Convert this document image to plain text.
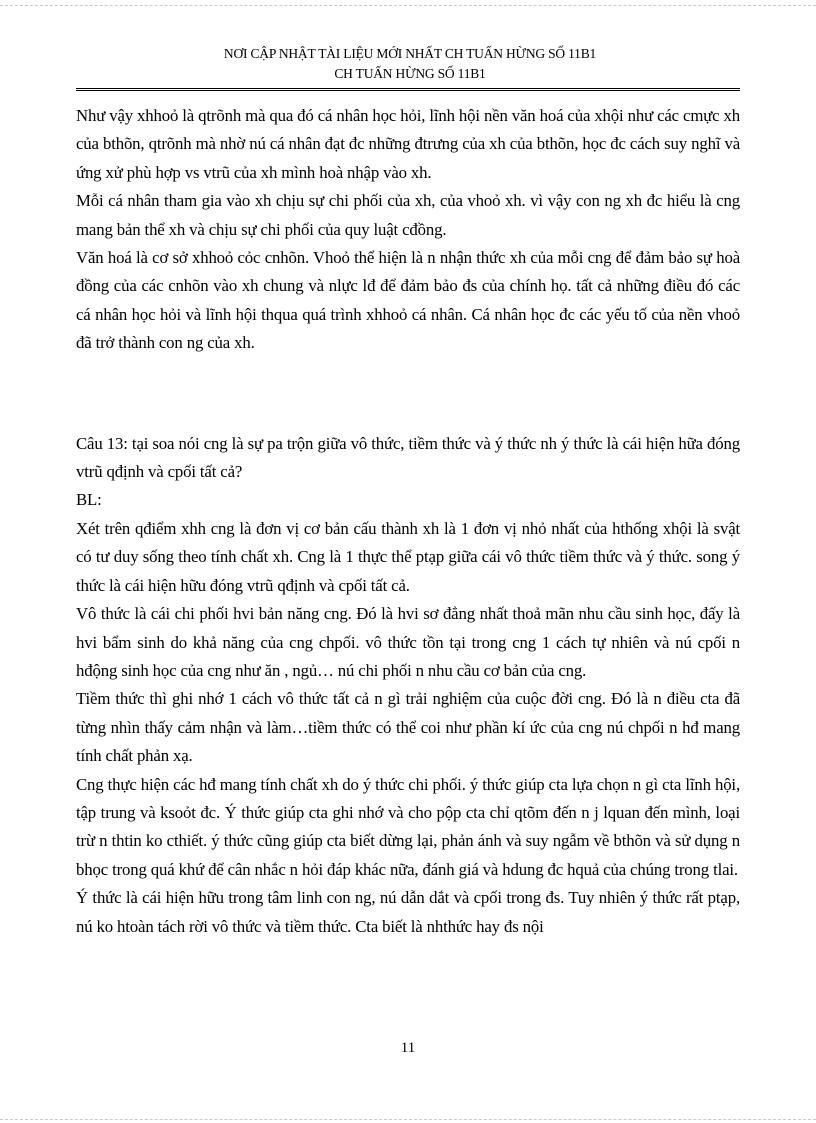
NƠI CẬP NHẬT TÀI LIỆU MỚI NHẤT CH TUẤN HỪNG SỐ 11B1
CH TUẤN HỪNG SỐ 11B1

Như vậy xhhoỏ là qtrõnh mà qua đó cá nhân học hỏi, lĩnh hội nền văn hoá của xhội như các cmực xh của bthõn, qtrõnh mà nhờ nú cá nhân đạt đc những đtrưng của xh của bthõn, học đc cách suy nghĩ và ứng xử phù hợp vs vtrũ của xh mình hoà nhập vào xh.

Mỗi cá nhân tham gia vào xh chịu sự chi phối của xh, của vhoỏ xh. vì vậy con ng xh đc hiểu là cng mang bản thể xh và chịu sự chi phối của quy luật cđồng.

Văn hoá là cơ sở xhhoỏ cỏc cnhõn. Vhoỏ thể hiện là n nhận thức xh của mỗi cng để đảm bảo sự hoà đồng của các cnhõn vào xh chung và nlực lđ để đảm bảo đs của chính họ. tất cả những điều đó các cá nhân học hỏi và lĩnh hội thqua quá trình xhhoỏ cá nhân. Cá nhân học đc các yếu tố của nền vhoỏ đã trở thành con ng của xh.

Câu 13: tại soa nói cng là sự pa trộn giữa vô thức, tiềm thức và ý thức nh ý thức là cái hiện hữa đóng vtrũ qđịnh và cpối tất cả?

BL:

Xét trên qđiểm xhh cng là đơn vị cơ bản cấu thành xh là 1 đơn vị nhỏ nhất của hthống xhội là svật có tư duy sống theo tính chất xh. Cng là 1 thực thể ptạp giữa cái vô thức tiềm thức và ý thức. song ý thức là cái hiện hữu đóng vtrũ qđịnh và cpối tất cả.

Vô thức là cái chi phối hvi bản năng cng. Đó là hvi sơ đẳng nhất thoả mãn nhu cầu sinh học, đấy là hvi bẩm sinh do khả năng của cng chpối. vô thức tồn tại trong cng 1 cách tự nhiên và nú cpối n hđộng sinh học của cng như ăn , ngủ… nú chi phối n nhu cầu cơ bản của cng.

Tiềm thức thì ghi nhớ 1 cách vô thức tất cả n gì trải nghiệm của cuộc đời cng. Đó là n điều cta đã từng nhìn thấy cảm nhận và làm…tiềm thức có thể coi như phần kí ức của cng nú chpối n hđ mang tính chất phản xạ.

Cng thực hiện các hđ mang tính chất xh do ý thức chi phối. ý thức giúp cta lựa chọn n gì cta lĩnh hội, tập trung và ksoỏt đc. Ý thức giúp cta ghi nhớ và cho pộp cta chỉ qtõm đến n j lquan đến mình, loại trừ n thtin ko cthiết. ý thức cũng giúp cta biết dừng lại, phản ánh và suy ngẫm về bthõn và sử dụng n bhọc trong quá khứ để cân nhắc n hỏi đáp khác nữa, đánh giá và hdung đc hquả của chúng trong tlai.

Ý thức là cái hiện hữu trong tâm linh con ng, nú dẫn dắt và cpối trong đs. Tuy nhiên ý thức rất ptạp, nú ko htoàn tách rời vô thức và tiềm thức. Cta biết là nhthức hay đs nội

11
